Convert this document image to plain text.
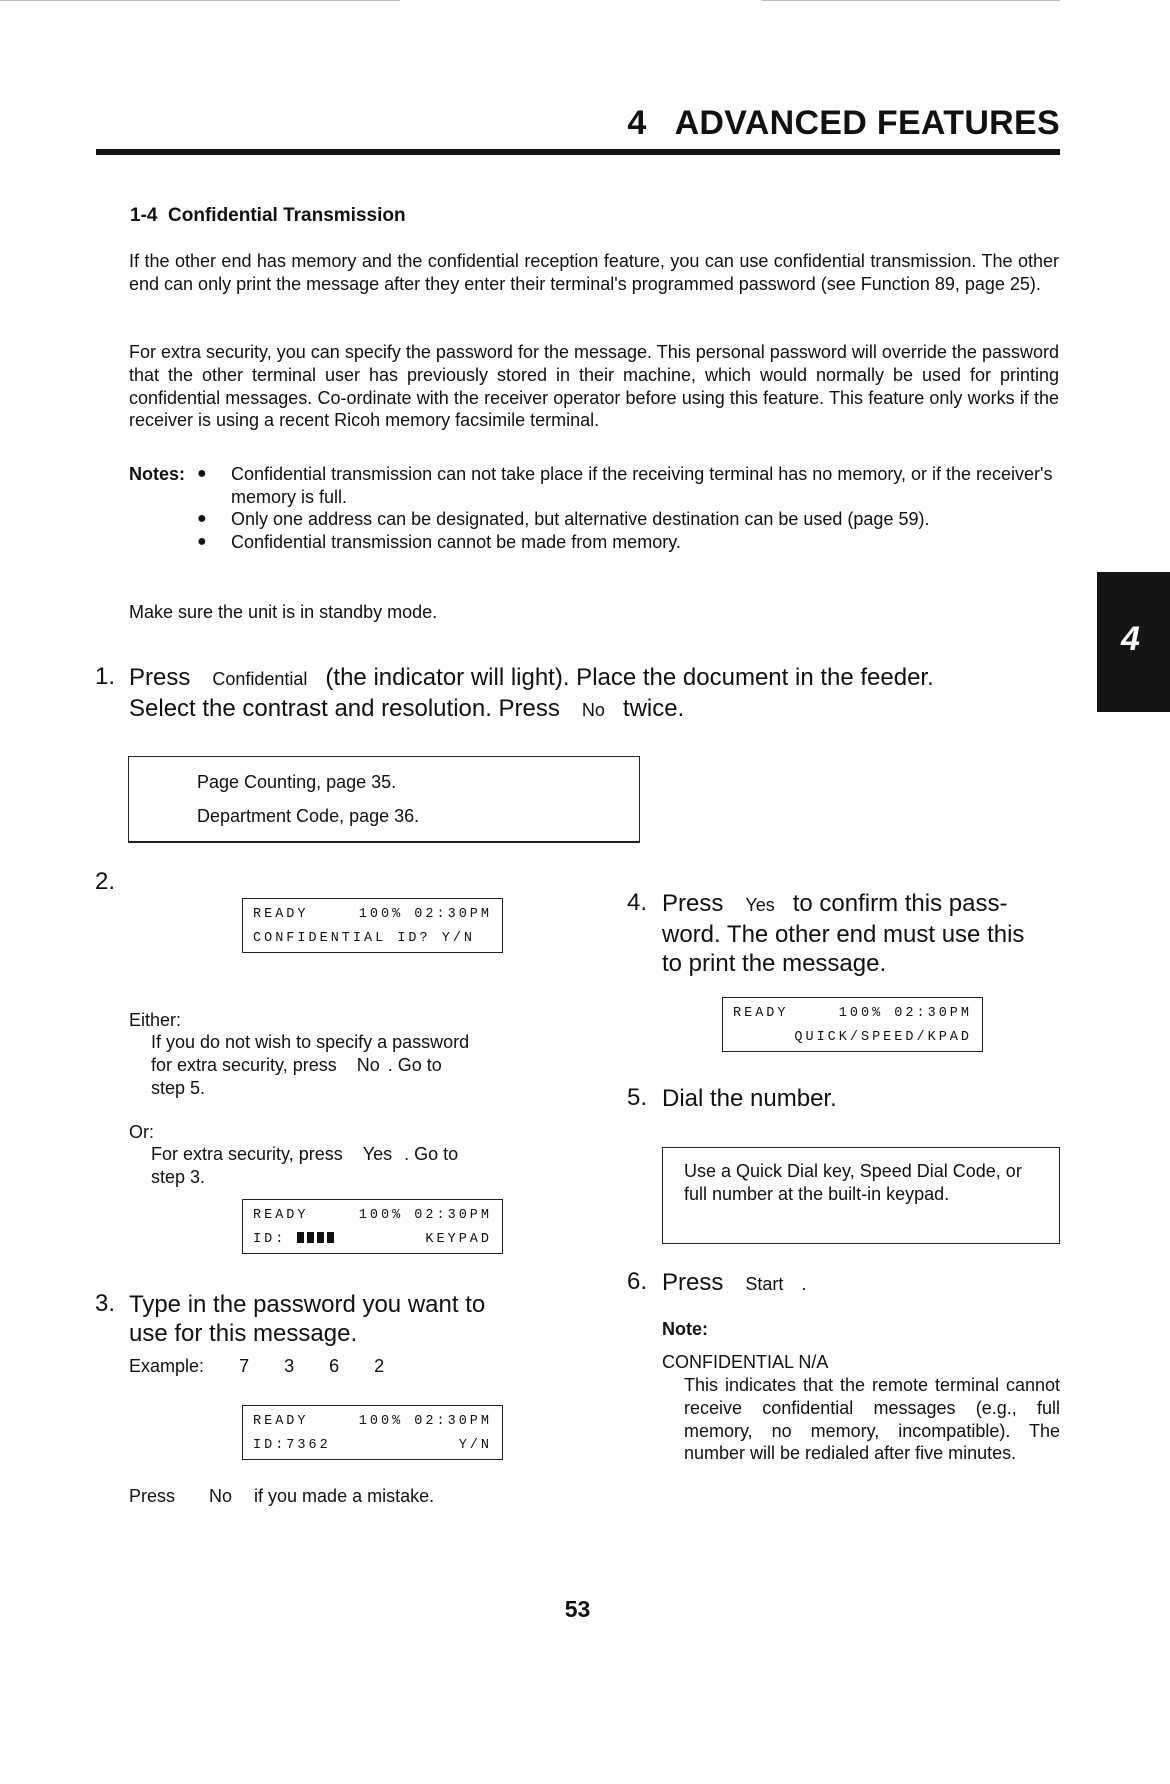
4 ADVANCED FEATURES
4
1-4 Confidential Transmission
If the other end has memory and the confidential reception feature, you can use confidential transmission. The other end can only print the message after they enter their terminal's programmed password (see Function 89, page 25).
For extra security, you can specify the password for the message. This personal password will override the password that the other terminal user has previously stored in their machine, which would normally be used for printing confidential messages. Co-ordinate with the receiver operator before using this feature. This feature only works if the receiver is using a recent Ricoh memory facsimile terminal.
Notes: ● Confidential transmission can not take place if the receiving terminal has no memory, or if the receiver's memory is full.
● Only one address can be designated, but alternative destination can be used (page 59).
● Confidential transmission cannot be made from memory.
Make sure the unit is in standby mode.
1. Press Confidential (the indicator will light). Place the document in the feeder.
Select the contrast and resolution. Press No twice.
Page Counting, page 35.
Department Code, page 36.
2.
READY	100% 02:30PM
CONFIDENTIAL ID? Y/N
Either:
If you do not wish to specify a password
for extra security, press No . Go to
step 5.
Or:
For extra security, press Yes . Go to
step 3.
READY	100% 02:30PM
ID:	KEYPAD
3. Type in the password you want to
use for this message.
Example: 7 3 6 2
READY	100% 02:30PM
ID:7362	Y/N
Press No if you made a mistake.
4. Press Yes to confirm this pass-
word. The other end must use this
to print the message.
READY	100% 02:30PM
QUICK/SPEED/KPAD
5. Dial the number.
Use a Quick Dial key, Speed Dial Code, or full number at the built-in keypad.
6. Press Start .
Note:
CONFIDENTIAL N/A
This indicates that the remote terminal cannot receive confidential messages (e.g., full memory, no memory, incompatible). The number will be redialed after five minutes.
53
